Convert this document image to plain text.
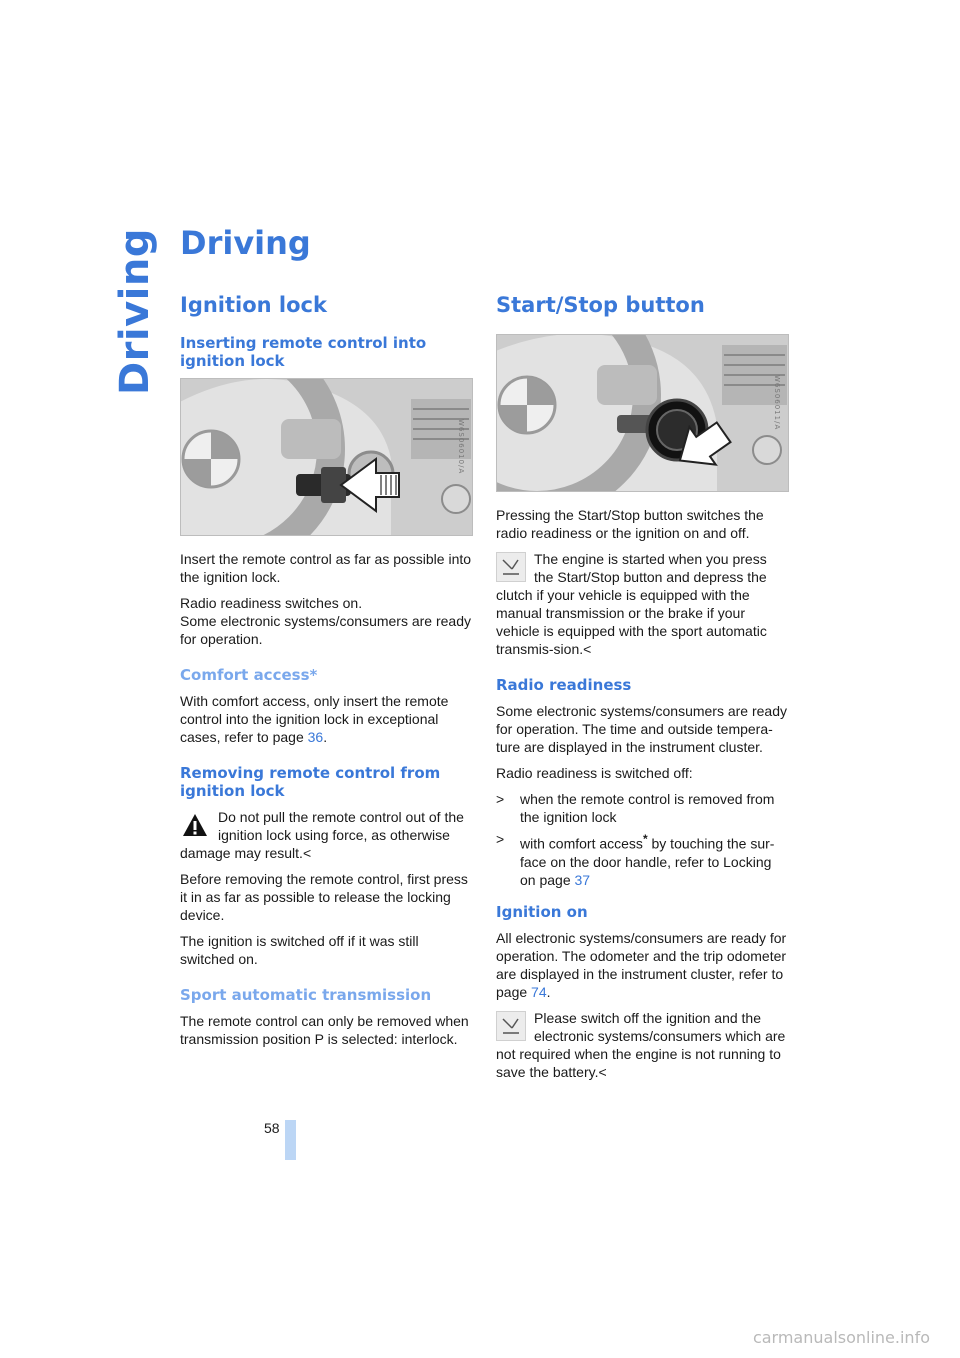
Driving Driving
Ignition lock
Inserting remote control into ignition lock
W6S06010/A

Insert the remote control as far as possible into the ignition lock.

Radio readiness switches on.

Some electronic systems/consumers are ready for operation.

Comfort access*

With comfort access, only insert the remote control into the ignition lock in exceptional cases, refer to page 36.

Removing remote control from ignition lock

Do not pull the remote control out of the ignition lock using force, as otherwise damage may result.<

Before removing the remote control, first press it in as far as possible to release the locking device.

The ignition is switched off if it was still switched on.

Sport automatic transmission

The remote control can only be removed when transmission position P is selected: interlock.

Start/Stop button
W6S06011/A

Pressing the Start/Stop button switches the radio readiness or the ignition on and off.

The engine is started when you press the Start/Stop button and depress the clutch if your vehicle is equipped with the manual transmission or the brake if your vehicle is equipped with the sport automatic transmis-sion.<

Radio readiness

Some electronic systems/consumers are ready for operation. The time and outside tempera-ture are displayed in the instrument cluster.

Radio readiness is switched off:

> when the remote control is removed from the ignition lock
> with comfort access* by touching the sur-face on the door handle, refer to Locking on page 37
Ignition on

All electronic systems/consumers are ready for operation. The odometer and the trip odometer are displayed in the instrument cluster, refer to page 74.

Please switch off the ignition and the electronic systems/consumers which are not required when the engine is not running to save the battery.<

58
carmanualsonline.info
